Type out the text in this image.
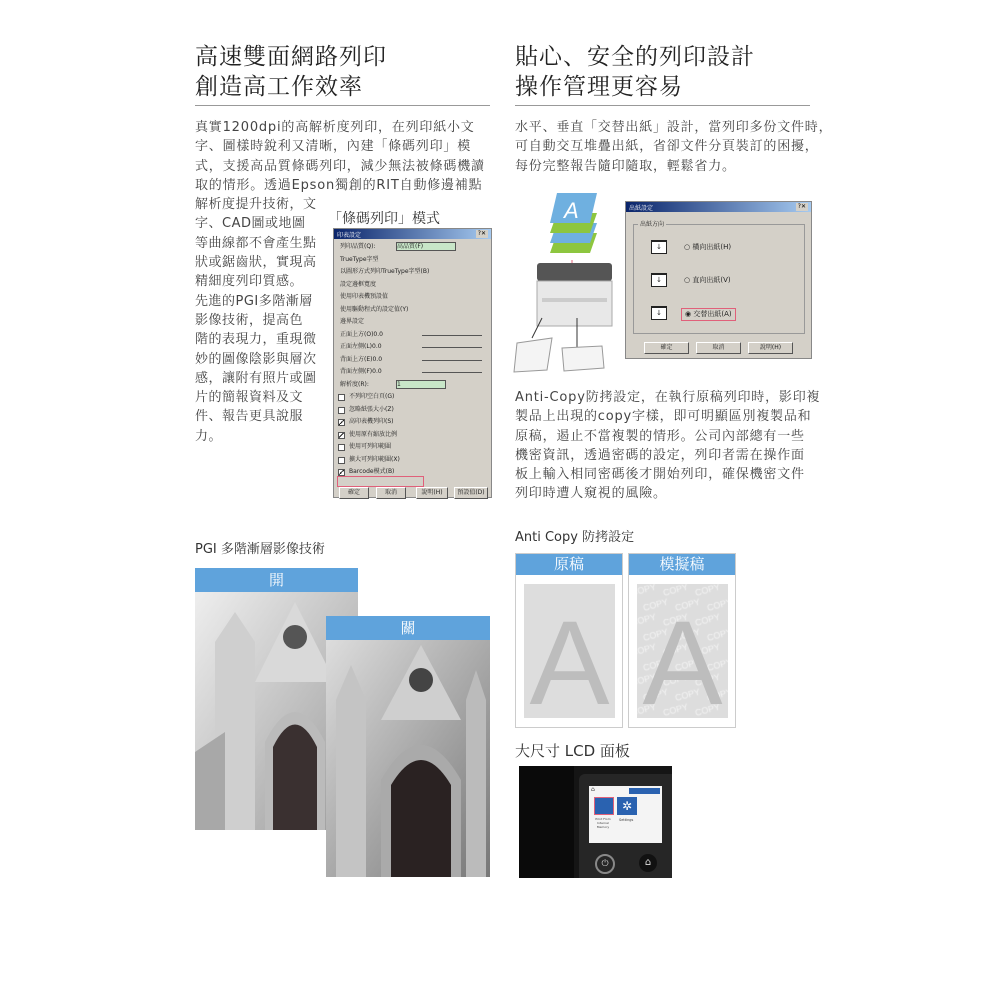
高速雙面網路列印
創造高工作效率
真實1200dpi的高解析度列印，在列印紙小文
字、圖樣時銳利又清晰，內建「條碼列印」模
式，支援高品質條碼列印，減少無法被條碼機讀
取的情形。透過Epson獨創的RIT自動修邊補點
解析度提升技術，文
字、CAD圖或地圖
等曲線都不會產生點
狀或鋸齒狀，實現高
精細度列印質感。
先進的PGI多階漸層
影像技術，提高色
階的表現力，重現微
妙的圖像陰影與層次
感，讓附有照片或圖
片的簡報資料及文
件、報告更具說服
力。
「條碼列印」模式
印表設定	?✕
列印品質(Q):
TrueType字型
以圖形方式列印TrueType字型(B)
設定邊框寬度
使用印表機預設值
使用驅動程式的設定值(Y)
邊界設定
正面上方(O)0.0
正面左側(L)0.0
背面上方(E)0.0
背面左側(F)0.0
解析度(R):
不列印空白頁(G)
忽略紙張大小(Z)
高印表機列印(S)
使用原有縮放比例
使用可列印範圍
擴大可列印範圍(X)
Barcode模式(B)
高品質(F)
1
確定	取消	說明(H)	預設值(D)
PGI 多階漸層影像技術
開
關
貼心、安全的列印設計
操作管理更容易
水平、垂直「交替出紙」設計，當列印多份文件時，
可自動交互堆疊出紙，省卻文件分頁裝訂的困擾，
每份完整報告隨印隨取，輕鬆省力。
A	出紙設定	?✕
出紙方向
↓	○ 橫向出紙(H)
↓	○ 直向出紙(V)
↓	◉ 交替出紙(A)
確定	取消	說明(H)
Anti-Copy防拷設定，在執行原稿列印時，影印複
製品上出現的copy字樣，即可明顯區別複製品和
原稿，遏止不當複製的情形。公司內部總有一些
機密資訊，透過密碼的設定，列印者需在操作面
板上輸入相同密碼後才開始列印，確保機密文件
列印時遭人窺視的風險。
Anti Copy 防拷設定
原稿
A
模擬稿
A
大尺寸 LCD 面板
⌂
✲
Print From Internal Memory
Settings
⏻	⌂
